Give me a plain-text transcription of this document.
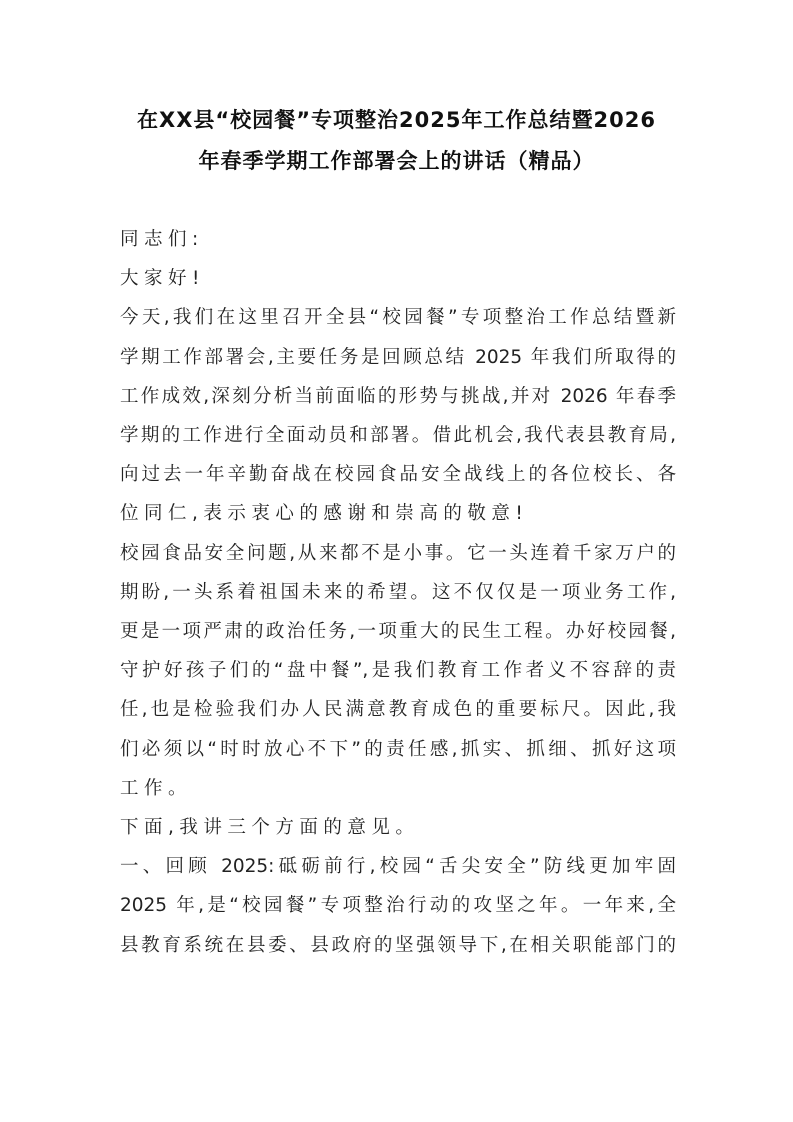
在XX县“校园餐”专项整治2025年工作总结暨2026
年春季学期工作部署会上的讲话（精品）
同志们:
大家好!
今天,我们在这里召开全县“校园餐”专项整治工作总结暨新
学期工作部署会,主要任务是回顾总结 2025 年我们所取得的
工作成效,深刻分析当前面临的形势与挑战,并对 2026 年春季
学期的工作进行全面动员和部署。借此机会,我代表县教育局,
向过去一年辛勤奋战在校园食品安全战线上的各位校长、各
位同仁,表示衷心的感谢和崇高的敬意!
校园食品安全问题,从来都不是小事。它一头连着千家万户的
期盼,一头系着祖国未来的希望。这不仅仅是一项业务工作,
更是一项严肃的政治任务,一项重大的民生工程。办好校园餐,
守护好孩子们的“盘中餐”,是我们教育工作者义不容辞的责
任,也是检验我们办人民满意教育成色的重要标尺。因此,我
们必须以“时时放心不下”的责任感,抓实、抓细、抓好这项
工作。
下面,我讲三个方面的意见。
一、回顾 2025:砥砺前行,校园“舌尖安全”防线更加牢固
2025 年,是“校园餐”专项整治行动的攻坚之年。一年来,全
县教育系统在县委、县政府的坚强领导下,在相关职能部门的
